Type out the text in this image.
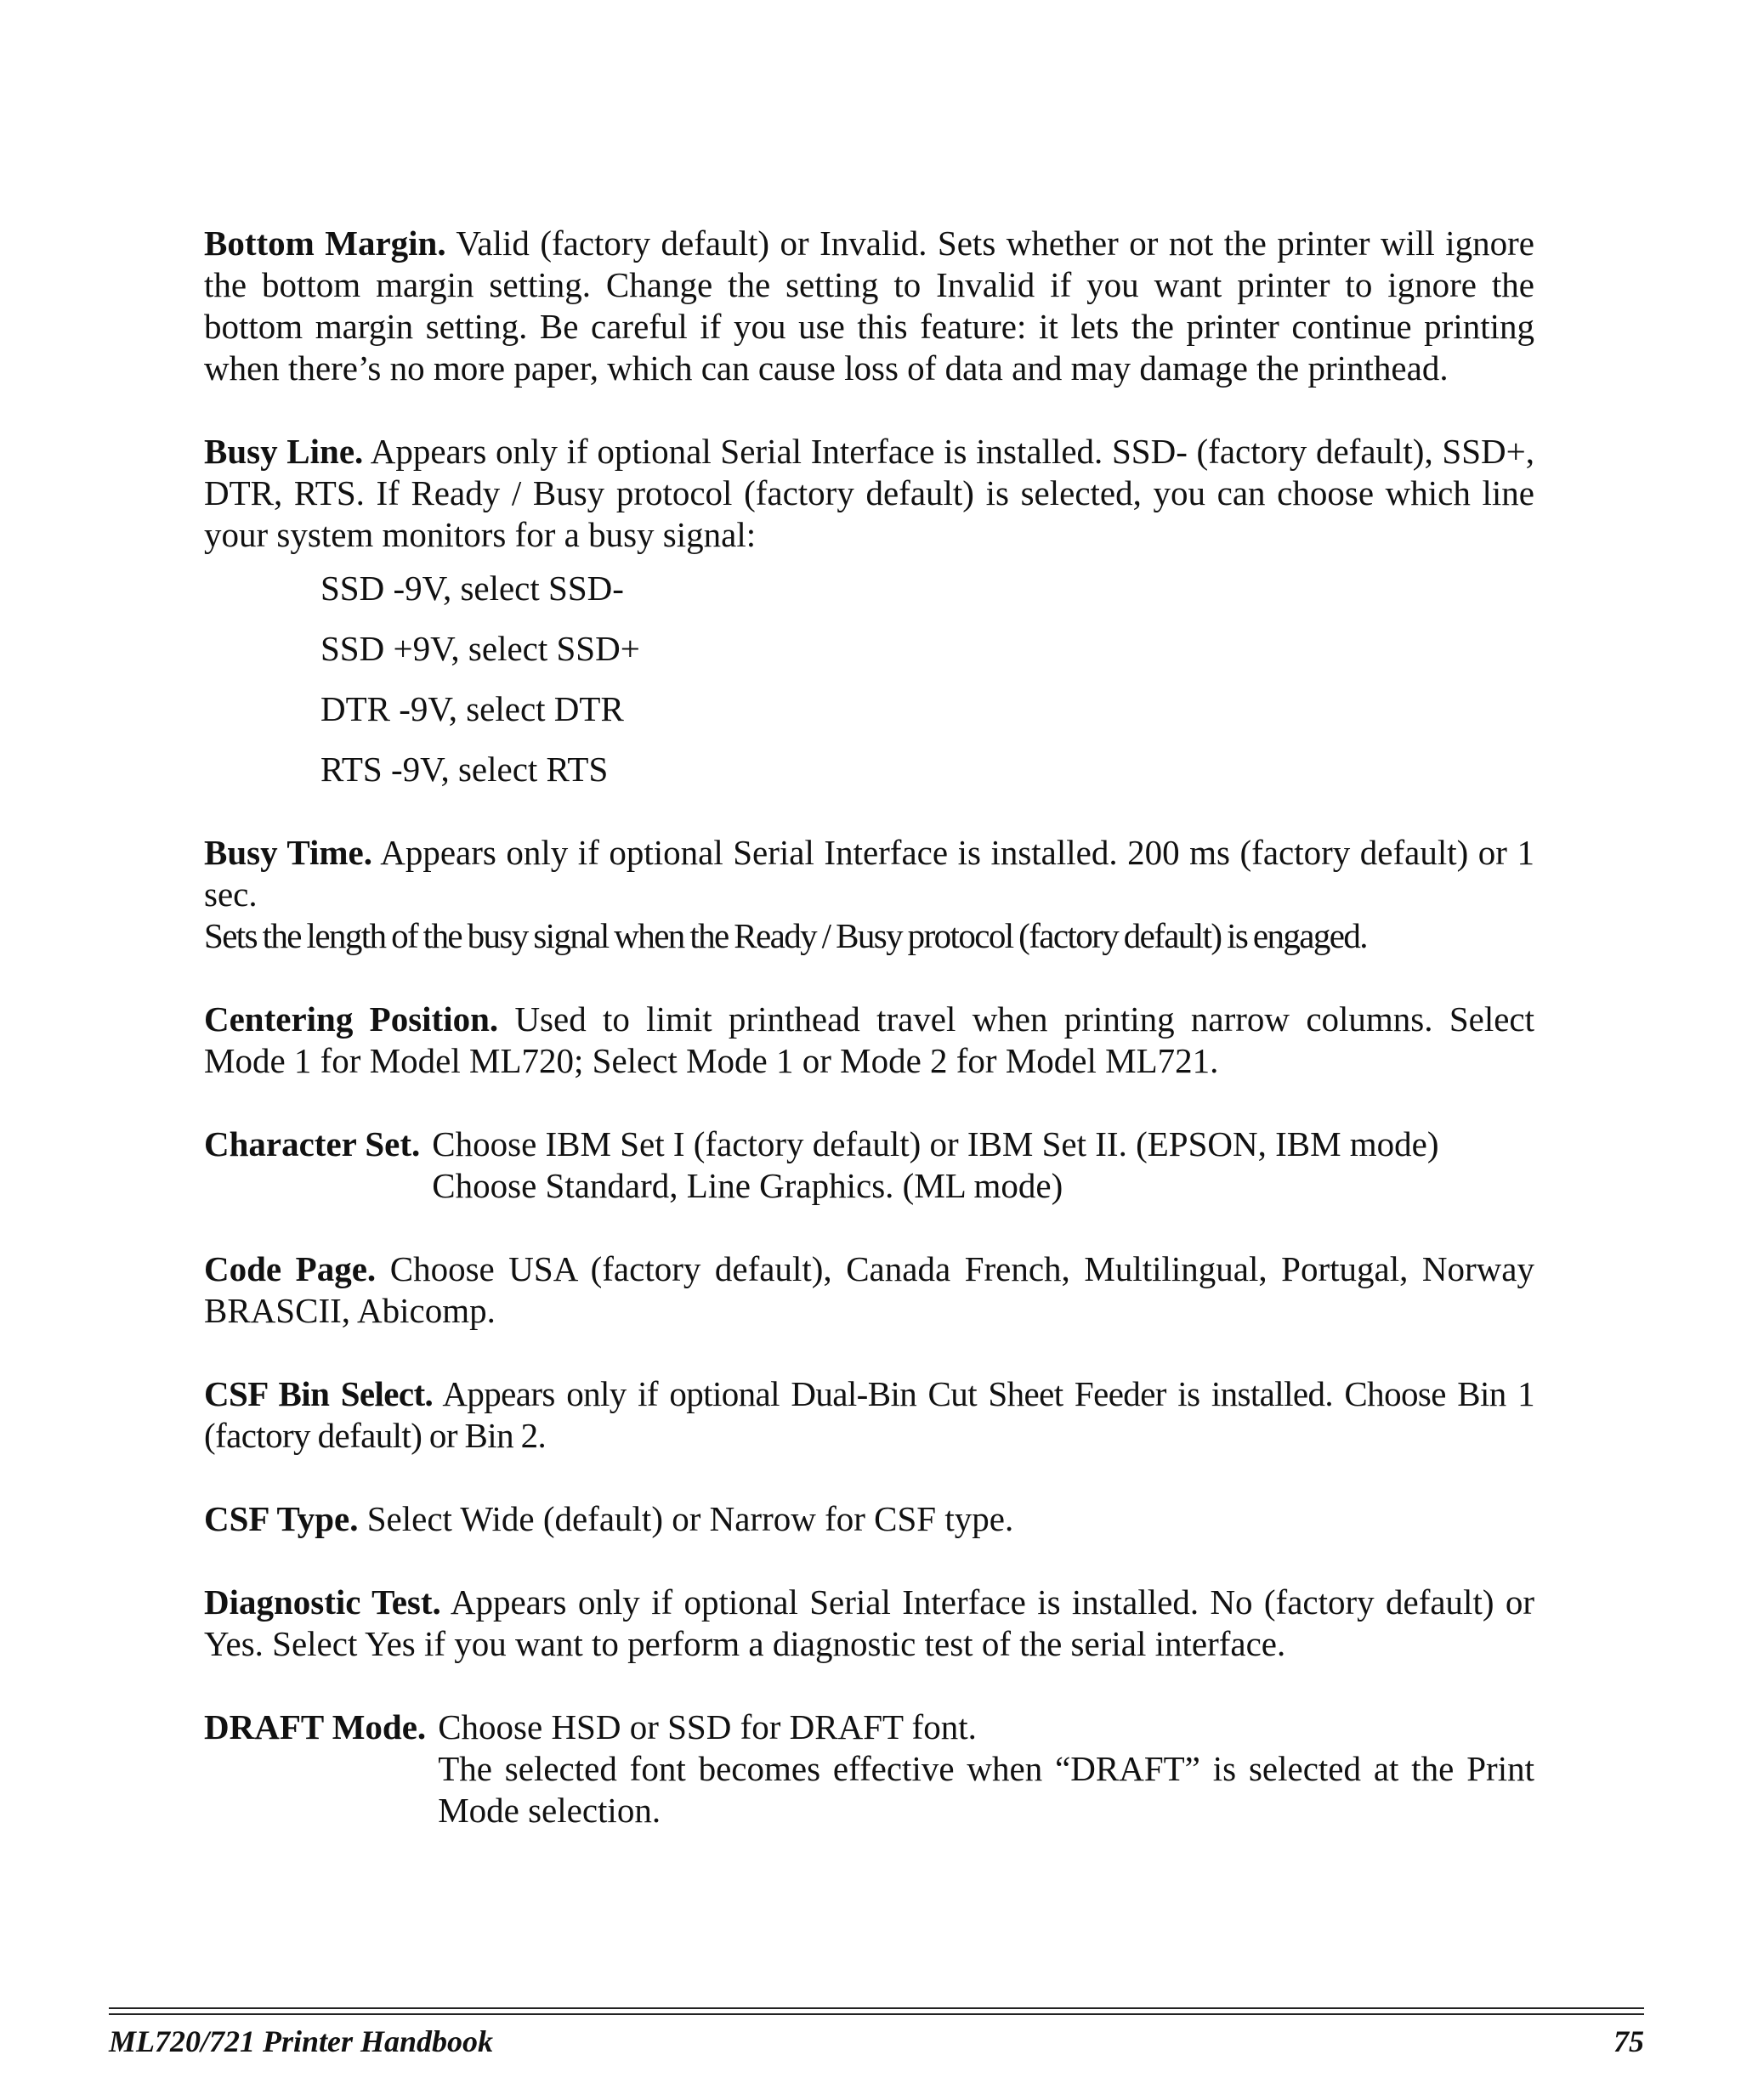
Bottom Margin. Valid (factory default) or Invalid. Sets whether or not the printer will ignore the bottom margin setting. Change the setting to Invalid if you want printer to ignore the bottom margin setting. Be careful if you use this feature: it lets the printer continue printing when there’s no more paper, which can cause loss of data and may damage the printhead.

Busy Line. Appears only if optional Serial Interface is installed. SSD- (factory default), SSD+, DTR, RTS. If Ready / Busy protocol (factory default) is selected, you can choose which line your system monitors for a busy signal:

SSD -9V, select SSD-
SSD +9V, select SSD+
DTR -9V, select DTR
RTS -9V, select RTS
Busy Time. Appears only if optional Serial Interface is installed. 200 ms (factory default) or 1 sec.
Sets the length of the busy signal when the Ready / Busy protocol (factory default) is engaged.

Centering Position. Used to limit printhead travel when printing narrow columns. Select Mode 1 for Model ML720; Select Mode 1 or Mode 2 for Model ML721.

Character Set. Choose IBM Set I (factory default) or IBM Set II. (EPSON, IBM mode)
Choose Standard, Line Graphics. (ML mode)

Code Page. Choose USA (factory default), Canada French, Multilingual, Portugal, Norway BRASCII, Abicomp.

CSF Bin Select. Appears only if optional Dual-Bin Cut Sheet Feeder is installed. Choose Bin 1 (factory default) or Bin 2.

CSF Type. Select Wide (default) or Narrow for CSF type.

Diagnostic Test. Appears only if optional Serial Interface is installed. No (factory default) or Yes. Select Yes if you want to perform a diagnostic test of the serial interface.

DRAFT Mode. Choose HSD or SSD for DRAFT font.
The selected font becomes effective when “DRAFT” is selected at the Print Mode selection.
ML720/721 Printer Handbook	75
